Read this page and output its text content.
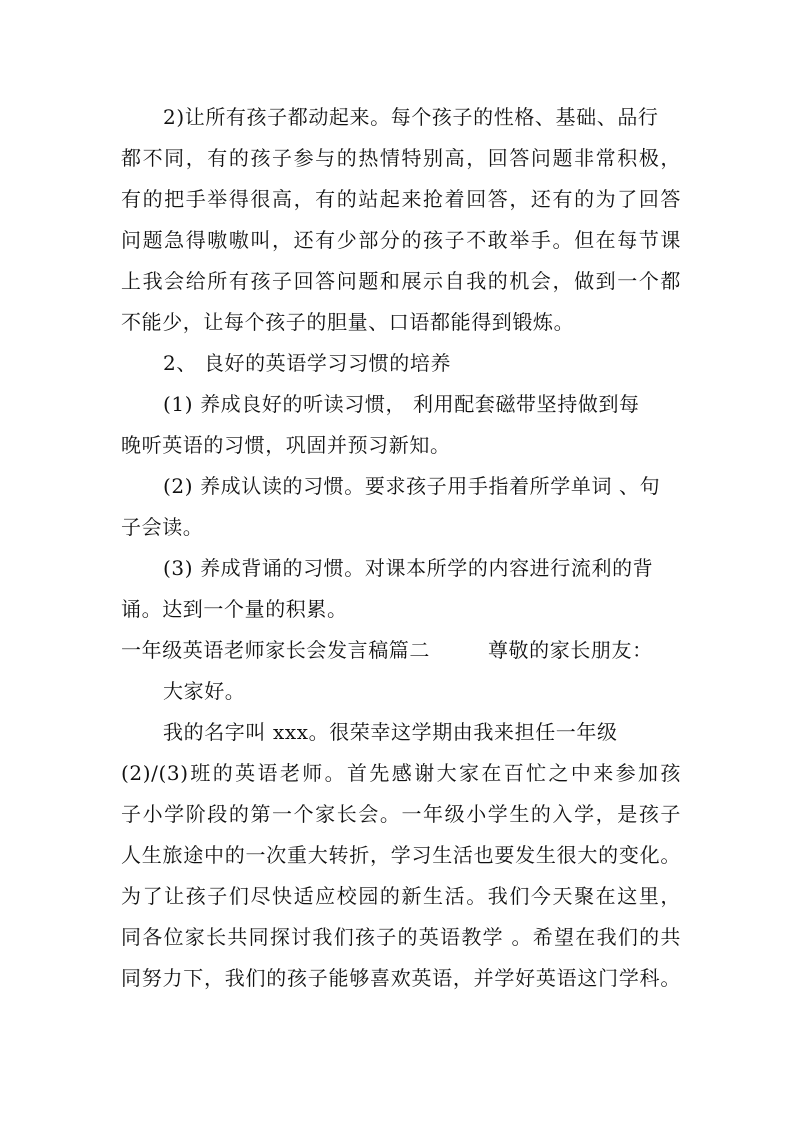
2)让所有孩子都动起来。每个孩子的性格、基础、品行
都不同，有的孩子参与的热情特别高，回答问题非常积极，
有的把手举得很高，有的站起来抢着回答，还有的为了回答
问题急得嗷嗷叫，还有少部分的孩子不敢举手。但在每节课
上我会给所有孩子回答问题和展示自我的机会，做到一个都
不能少，让每个孩子的胆量、口语都能得到锻炼。
2、 良好的英语学习习惯的培养
(1) 养成良好的听读习惯， 利用配套磁带坚持做到每
晚听英语的习惯，巩固并预习新知。
(2) 养成认读的习惯。要求孩子用手指着所学单词 、句
子会读。
(3) 养成背诵的习惯。对课本所学的内容进行流利的背
诵。达到一个量的积累。
一年级英语老师家长会发言稿篇二	尊敬的家长朋友：
大家好。
我的名字叫 xxx。很荣幸这学期由我来担任一年级
(2)/(3)班的英语老师。首先感谢大家在百忙之中来参加孩
子小学阶段的第一个家长会。一年级小学生的入学，是孩子
人生旅途中的一次重大转折，学习生活也要发生很大的变化。
为了让孩子们尽快适应校园的新生活。我们今天聚在这里，
同各位家长共同探讨我们孩子的英语教学 。希望在我们的共
同努力下，我们的孩子能够喜欢英语，并学好英语这门学科。
